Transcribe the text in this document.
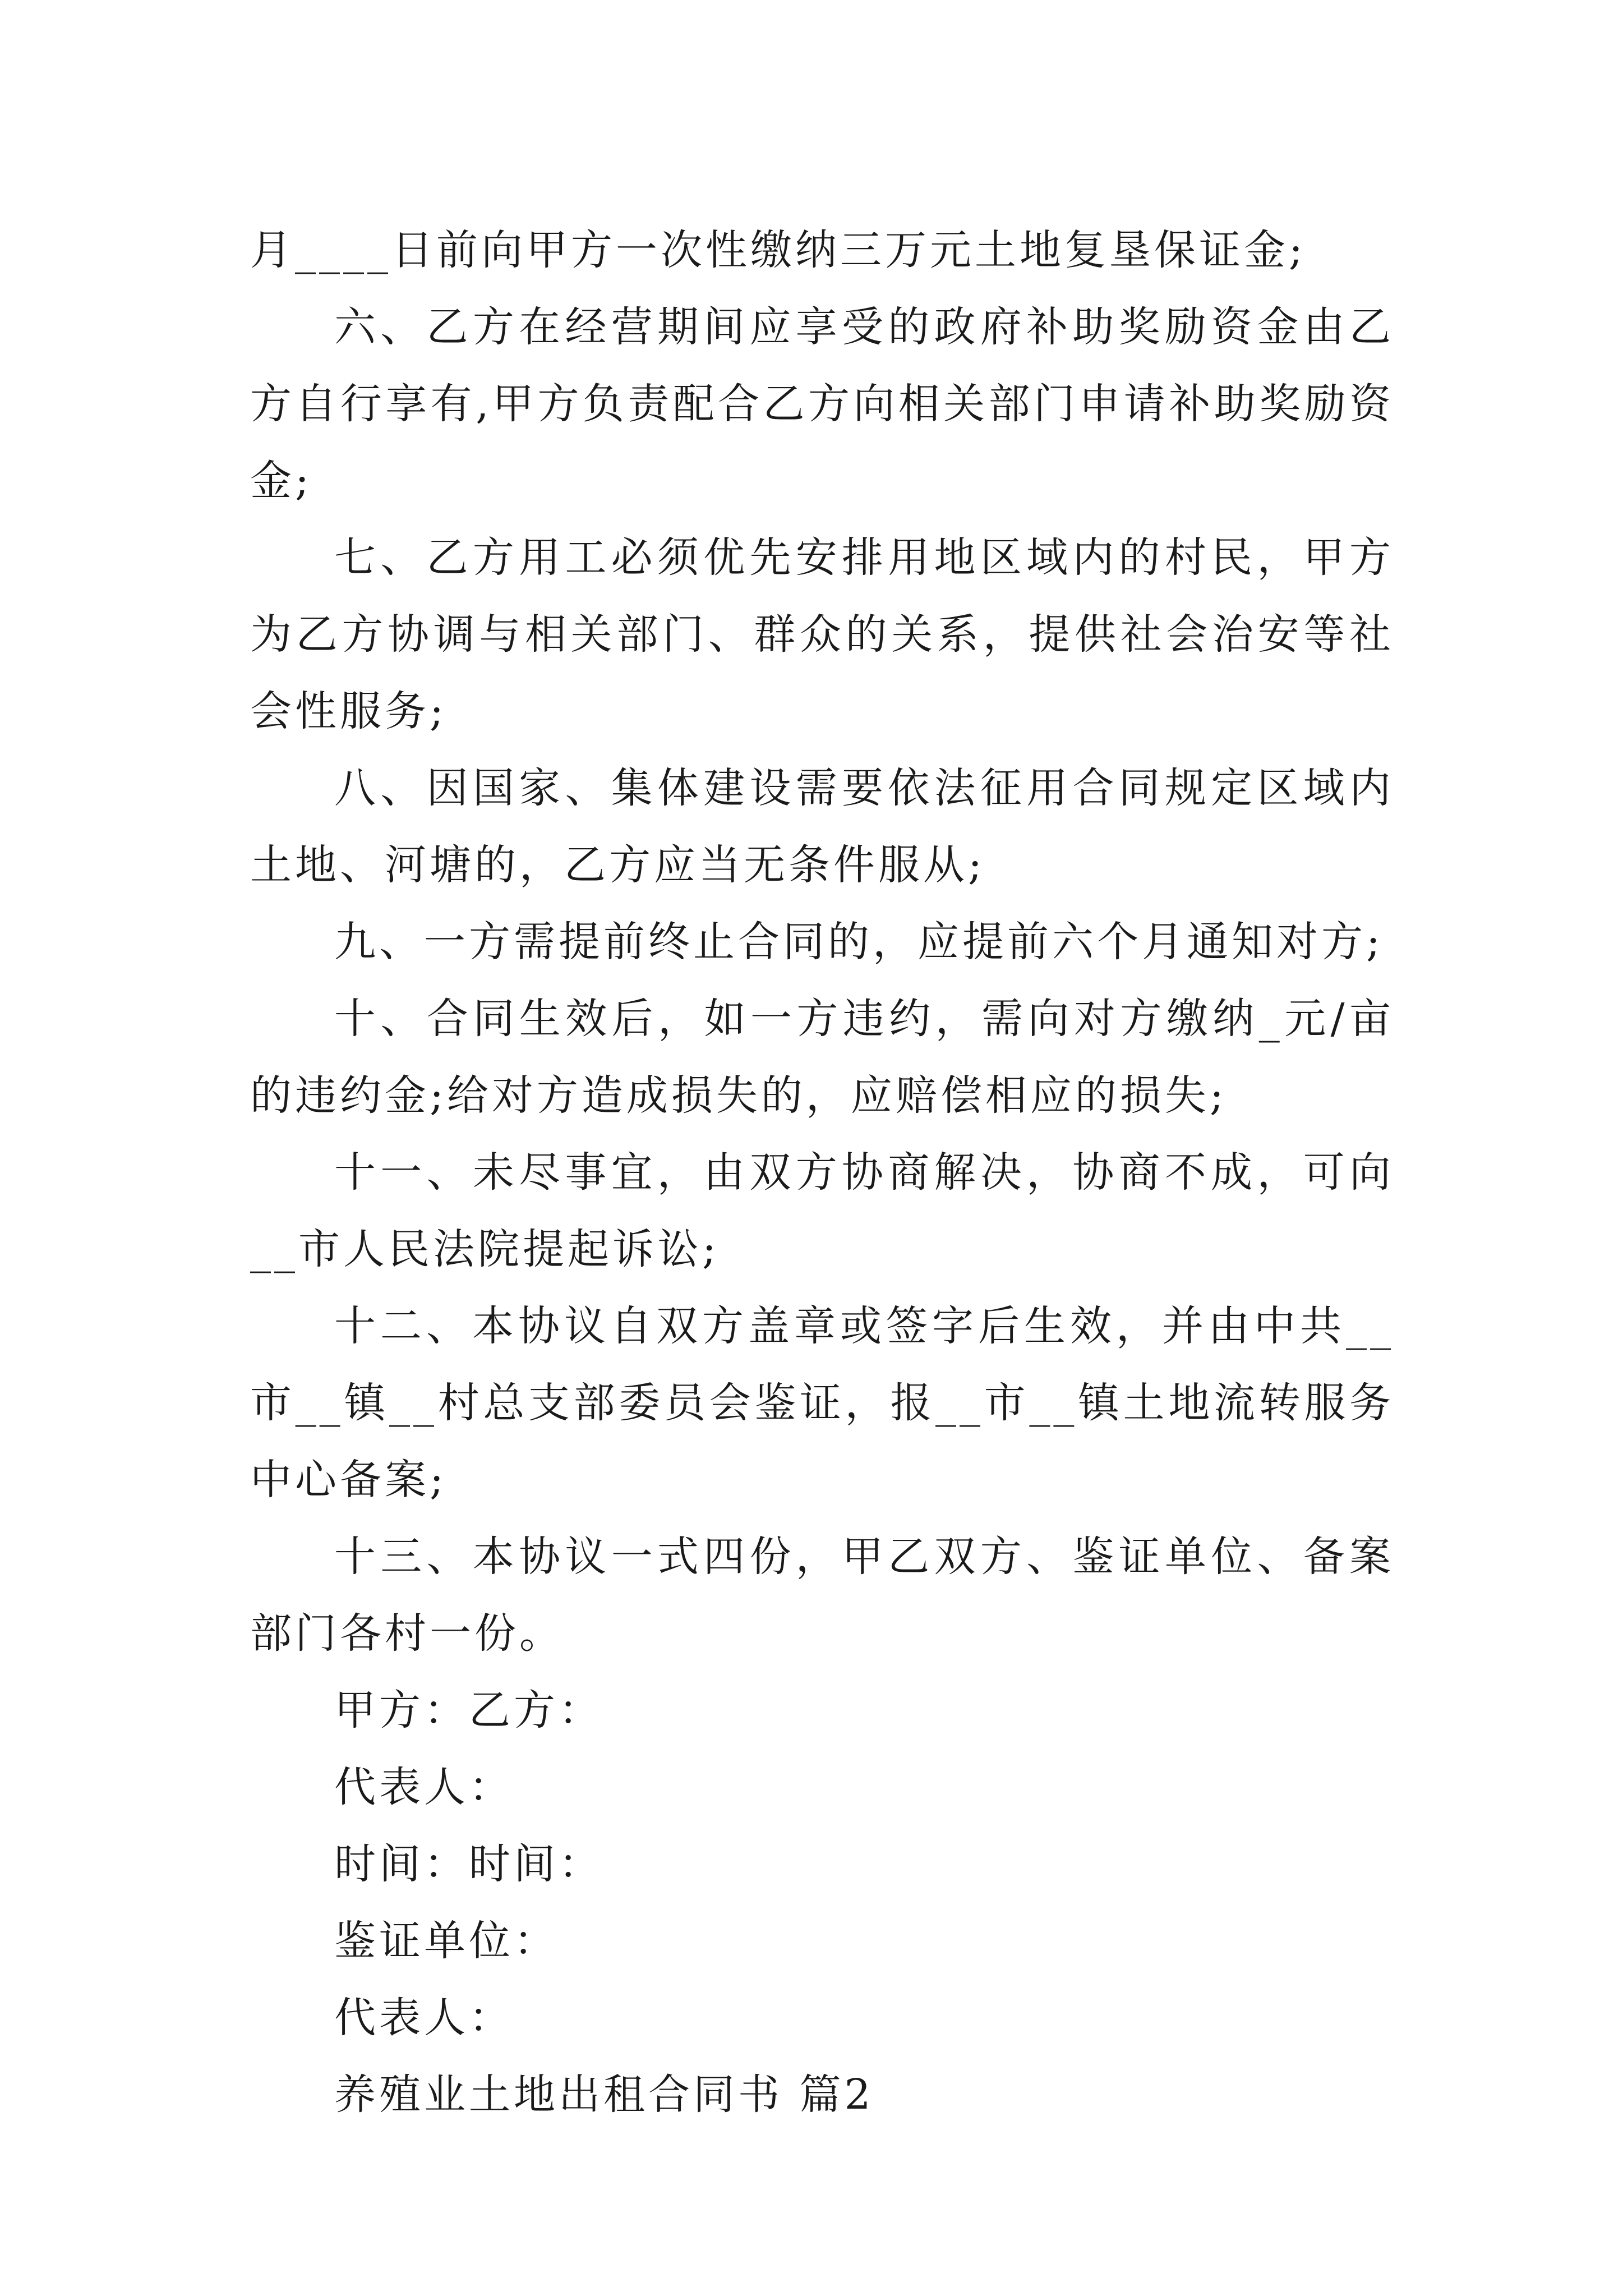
月____日前向甲方一次性缴纳三万元土地复垦保证金;

六、乙方在经营期间应享受的政府补助奖励资金由乙方自行享有,甲方负责配合乙方向相关部门申请补助奖励资金;

七、乙方用工必须优先安排用地区域内的村民，甲方为乙方协调与相关部门、群众的关系，提供社会治安等社会性服务;

八、因国家、集体建设需要依法征用合同规定区域内土地、河塘的，乙方应当无条件服从;

九、一方需提前终止合同的，应提前六个月通知对方;

十、合同生效后，如一方违约，需向对方缴纳_元/亩的违约金;给对方造成损失的，应赔偿相应的损失;

十一、未尽事宜，由双方协商解决，协商不成，可向__市人民法院提起诉讼;

十二、本协议自双方盖章或签字后生效，并由中共__市__镇__村总支部委员会鉴证，报__市__镇土地流转服务中心备案;

十三、本协议一式四份，甲乙双方、鉴证单位、备案部门各村一份。

甲方：乙方：

代表人：

时间：时间：

鉴证单位：

代表人：

养殖业土地出租合同书 篇2
